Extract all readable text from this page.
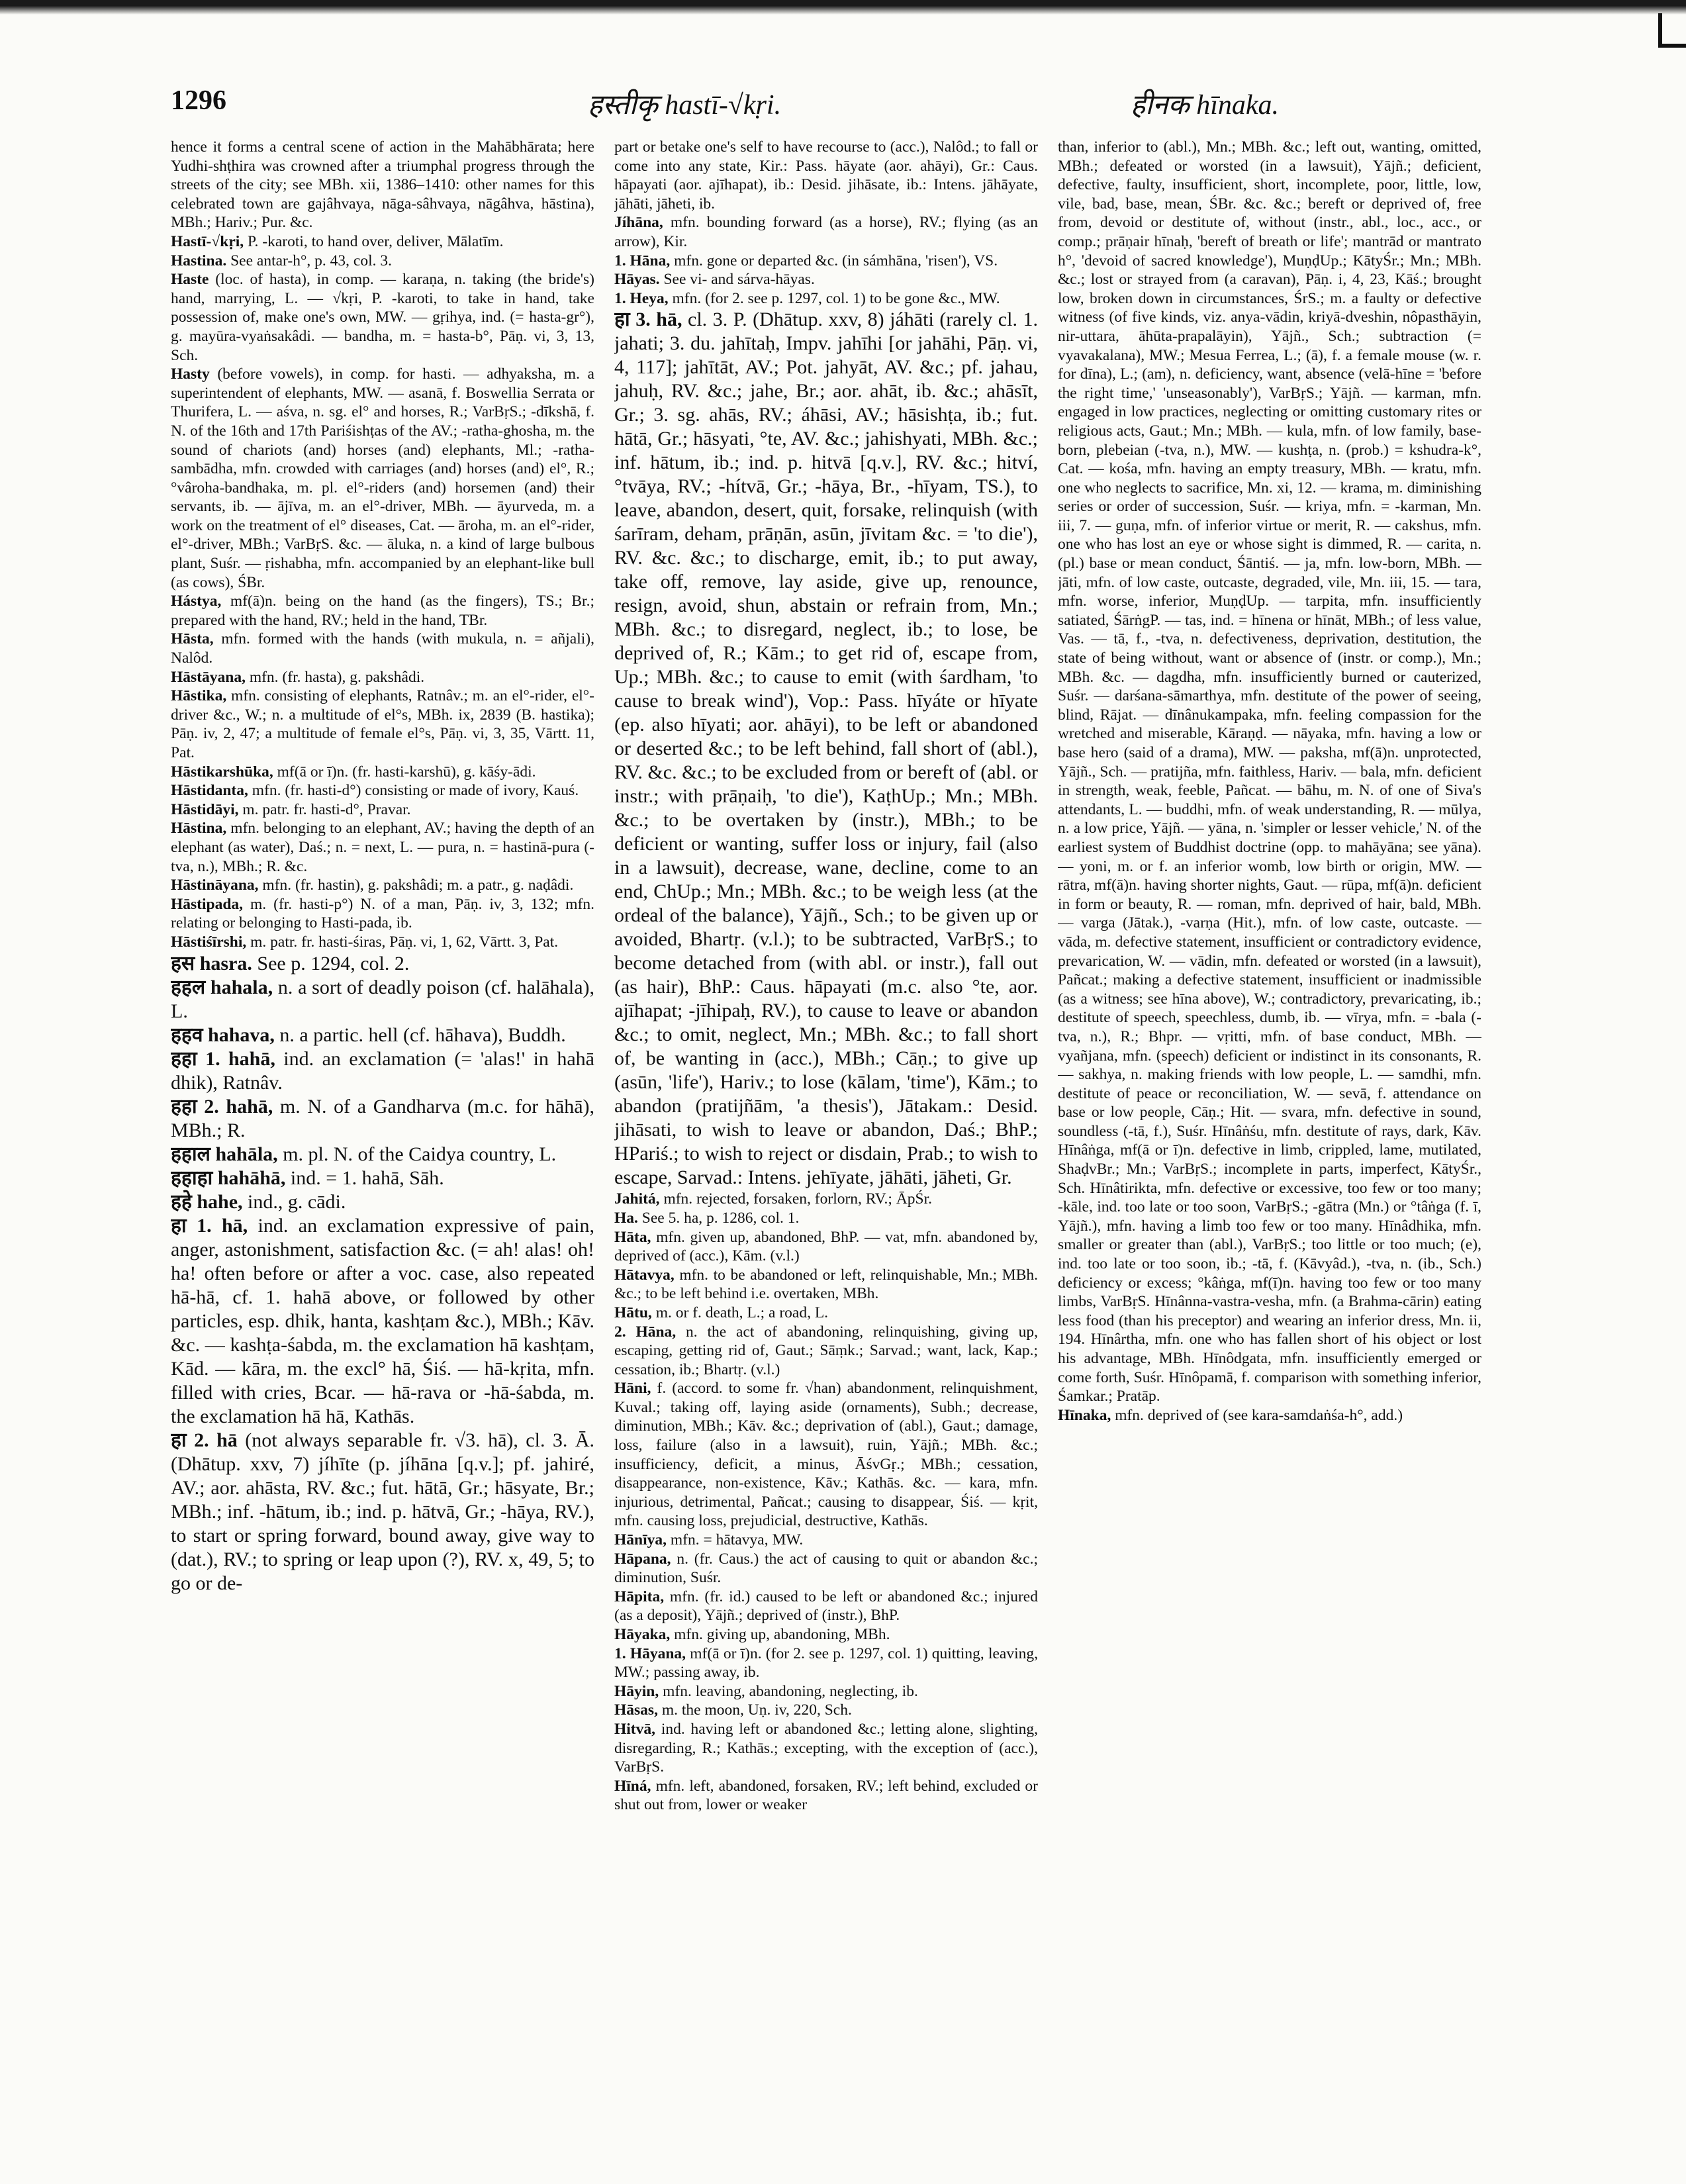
1296	हस्तीकृ hastī-√kṛi.	हीनक hīnaka.
hence it forms a central scene of action in the Mahābhārata; here Yudhi-shṭhira was crowned after a triumphal progress through the streets of the city; see MBh. xii, 1386–1410: other names for this celebrated town are gajâhvaya, nāga-sâhvaya, nāgâhva, hāstina), MBh.; Hariv.; Pur. &c.
Hastī-√kṛi, P. -karoti, to hand over, deliver, Mālatīm.
Hastina. See antar-h°, p. 43, col. 3.
Haste (loc. of hasta), in comp. — karaṇa, n. taking (the bride's) hand, marrying, L. — √kṛi, P. -karoti, to take in hand, take possession of, make one's own, MW. — gṛihya, ind. (= hasta-gr°), g. mayūra-vyaṅsakâdi. — bandha, m. = hasta-b°, Pāṇ. vi, 3, 13, Sch.
Hasty (before vowels), in comp. for hasti. — adhyaksha, m. a superintendent of elephants, MW. — asanā, f. Boswellia Serrata or Thurifera, L. — aśva, n. sg. el° and horses, R.; VarBṛS.; -dīkshā, f. N. of the 16th and 17th Pariśishṭas of the AV.; -ratha-ghosha, m. the sound of chariots (and) horses (and) elephants, Ml.; -ratha-sambādha, mfn. crowded with carriages (and) horses (and) el°, R.; °vâroha-bandhaka, m. pl. el°-riders (and) horsemen (and) their servants, ib. — ājīva, m. an el°-driver, MBh. — āyurveda, m. a work on the treatment of el° diseases, Cat. — āroha, m. an el°-rider, el°-driver, MBh.; VarBṛS. &c. — āluka, n. a kind of large bulbous plant, Suśr. — ṛishabha, mfn. accompanied by an elephant-like bull (as cows), ŚBr.
Hástya, mf(ā)n. being on the hand (as the fingers), TS.; Br.; prepared with the hand, RV.; held in the hand, TBr.
Hāsta, mfn. formed with the hands (with mukula, n. = añjali), Nalôd.
Hāstāyana, mfn. (fr. hasta), g. pakshâdi.
Hāstika, mfn. consisting of elephants, Ratnâv.; m. an el°-rider, el°-driver &c., W.; n. a multitude of el°s, MBh. ix, 2839 (B. hastika); Pāṇ. iv, 2, 47; a multitude of female el°s, Pāṇ. vi, 3, 35, Vārtt. 11, Pat.
Hāstikarshūka, mf(ā or ī)n. (fr. hasti-karshū), g. kāśy-ādi.
Hāstidanta, mfn. (fr. hasti-d°) consisting or made of ivory, Kauś.
Hāstidāyi, m. patr. fr. hasti-d°, Pravar.
Hāstina, mfn. belonging to an elephant, AV.; having the depth of an elephant (as water), Daś.; n. = next, L. — pura, n. = hastinā-pura (-tva, n.), MBh.; R. &c.
Hāstināyana, mfn. (fr. hastin), g. pakshâdi; m. a patr., g. naḍâdi.
Hāstipada, m. (fr. hasti-p°) N. of a man, Pāṇ. iv, 3, 132; mfn. relating or belonging to Hasti-pada, ib.
Hāstiśīrshi, m. patr. fr. hasti-śiras, Pāṇ. vi, 1, 62, Vārtt. 3, Pat.
हस hasra. See p. 1294, col. 2.
हहल hahala, n. a sort of deadly poison (cf. halāhala), L.
हहव hahava, n. a partic. hell (cf. hāhava), Buddh.
हहा 1. hahā, ind. an exclamation (= 'alas!' in hahā dhik), Ratnâv.
हहा 2. hahā, m. N. of a Gandharva (m.c. for hāhā), MBh.; R.
हहाल hahāla, m. pl. N. of the Caidya country, L.
हहाहा hahāhā, ind. = 1. hahā, Sāh.
हहे hahe, ind., g. cādi.
हा 1. hā, ind. an exclamation expressive of pain, anger, astonishment, satisfaction &c. (= ah! alas! oh! ha! often before or after a voc. case, also repeated hā-hā, cf. 1. hahā above, or followed by other particles, esp. dhik, hanta, kashṭam &c.), MBh.; Kāv. &c. — kashṭa-śabda, m. the exclamation hā kashṭam, Kād. — kāra, m. the excl° hā, Śiś. — hā-kṛita, mfn. filled with cries, Bcar. — hā-rava or -hā-śabda, m. the exclamation hā hā, Kathās.
हा 2. hā (not always separable fr. √3. hā), cl. 3. Ā. (Dhātup. xxv, 7) jíhīte (p. jíhāna [q.v.]; pf. jahiré, AV.; aor. ahāsta, RV. &c.; fut. hātā, Gr.; hāsyate, Br.; MBh.; inf. -hātum, ib.; ind. p. hātvā, Gr.; -hāya, RV.), to start or spring forward, bound away, give way to (dat.), RV.; to spring or leap upon (?), RV. x, 49, 5; to go or de-
part or betake one's self to have recourse to (acc.), Nalôd.; to fall or come into any state, Kir.: Pass. hāyate (aor. ahāyi), Gr.: Caus. hāpayati (aor. ajīhapat), ib.: Desid. jihāsate, ib.: Intens. jāhāyate, jāhāti, jāheti, ib.
Jíhāna, mfn. bounding forward (as a horse), RV.; flying (as an arrow), Kir.
1. Hāna, mfn. gone or departed &c. (in sámhāna, 'risen'), VS.
Hāyas. See vi- and sárva-hāyas.
1. Heya, mfn. (for 2. see p. 1297, col. 1) to be gone &c., MW.
हा 3. hā, cl. 3. P. (Dhātup. xxv, 8) jáhāti (rarely cl. 1. jahati; 3. du. jahītaḥ, Impv. jahīhi [or jahāhi, Pāṇ. vi, 4, 117]; jahītāt, AV.; Pot. jahyāt, AV. &c.; pf. jahau, jahuḥ, RV. &c.; jahe, Br.; aor. ahāt, ib. &c.; ahāsīt, Gr.; 3. sg. ahās, RV.; áhāsi, AV.; hāsishṭa, ib.; fut. hātā, Gr.; hāsyati, °te, AV. &c.; jahishyati, MBh. &c.; inf. hātum, ib.; ind. p. hitvā [q.v.], RV. &c.; hitví, °tvāya, RV.; -hítvā, Gr.; -hāya, Br., -hīyam, TS.), to leave, abandon, desert, quit, forsake, relinquish (with śarīram, deham, prāṇān, asūn, jīvitam &c. = 'to die'), RV. &c. &c.; to discharge, emit, ib.; to put away, take off, remove, lay aside, give up, renounce, resign, avoid, shun, abstain or refrain from, Mn.; MBh. &c.; to disregard, neglect, ib.; to lose, be deprived of, R.; Kām.; to get rid of, escape from, Up.; MBh. &c.; to cause to emit (with śardham, 'to cause to break wind'), Vop.: Pass. hīyáte or hīyate (ep. also hīyati; aor. ahāyi), to be left or abandoned or deserted &c.; to be left behind, fall short of (abl.), RV. &c. &c.; to be excluded from or bereft of (abl. or instr.; with prāṇaiḥ, 'to die'), KaṭhUp.; Mn.; MBh. &c.; to be overtaken by (instr.), MBh.; to be deficient or wanting, suffer loss or injury, fail (also in a lawsuit), decrease, wane, decline, come to an end, ChUp.; Mn.; MBh. &c.; to be weigh less (at the ordeal of the balance), Yājñ., Sch.; to be given up or avoided, Bhartṛ. (v.l.); to be subtracted, VarBṛS.; to become detached from (with abl. or instr.), fall out (as hair), BhP.: Caus. hāpayati (m.c. also °te, aor. ajīhapat; -jīhipaḥ, RV.), to cause to leave or abandon &c.; to omit, neglect, Mn.; MBh. &c.; to fall short of, be wanting in (acc.), MBh.; Cāṇ.; to give up (asūn, 'life'), Hariv.; to lose (kālam, 'time'), Kām.; to abandon (pratijñām, 'a thesis'), Jātakam.: Desid. jihāsati, to wish to leave or abandon, Daś.; BhP.; HPariś.; to wish to reject or disdain, Prab.; to wish to escape, Sarvad.: Intens. jehīyate, jāhāti, jāheti, Gr.
Jahitá, mfn. rejected, forsaken, forlorn, RV.; ĀpŚr.
Ha. See 5. ha, p. 1286, col. 1.
Hāta, mfn. given up, abandoned, BhP. — vat, mfn. abandoned by, deprived of (acc.), Kām. (v.l.)
Hātavya, mfn. to be abandoned or left, relinquishable, Mn.; MBh. &c.; to be left behind i.e. overtaken, MBh.
Hātu, m. or f. death, L.; a road, L.
2. Hāna, n. the act of abandoning, relinquishing, giving up, escaping, getting rid of, Gaut.; Sāṃk.; Sarvad.; want, lack, Kap.; cessation, ib.; Bhartṛ. (v.l.)
Hāni, f. (accord. to some fr. √han) abandonment, relinquishment, Kuval.; taking off, laying aside (ornaments), Subh.; decrease, diminution, MBh.; Kāv. &c.; deprivation of (abl.), Gaut.; damage, loss, failure (also in a lawsuit), ruin, Yājñ.; MBh. &c.; insufficiency, deficit, a minus, ĀśvGṛ.; MBh.; cessation, disappearance, non-existence, Kāv.; Kathās. &c. — kara, mfn. injurious, detrimental, Pañcat.; causing to disappear, Śiś. — kṛit, mfn. causing loss, prejudicial, destructive, Kathās.
Hānīya, mfn. = hātavya, MW.
Hāpana, n. (fr. Caus.) the act of causing to quit or abandon &c.; diminution, Suśr.
Hāpita, mfn. (fr. id.) caused to be left or abandoned &c.; injured (as a deposit), Yājñ.; deprived of (instr.), BhP.
Hāyaka, mfn. giving up, abandoning, MBh.
1. Hāyana, mf(ā or ī)n. (for 2. see p. 1297, col. 1) quitting, leaving, MW.; passing away, ib.
Hāyin, mfn. leaving, abandoning, neglecting, ib.
Hāsas, m. the moon, Uṇ. iv, 220, Sch.
Hitvā, ind. having left or abandoned &c.; letting alone, slighting, disregarding, R.; Kathās.; excepting, with the exception of (acc.), VarBṛS.
Hīná, mfn. left, abandoned, forsaken, RV.; left behind, excluded or shut out from, lower or weaker
than, inferior to (abl.), Mn.; MBh. &c.; left out, wanting, omitted, MBh.; defeated or worsted (in a lawsuit), Yājñ.; deficient, defective, faulty, insufficient, short, incomplete, poor, little, low, vile, bad, base, mean, ŚBr. &c. &c.; bereft or deprived of, free from, devoid or destitute of, without (instr., abl., loc., acc., or comp.; prāṇair hīnaḥ, 'bereft of breath or life'; mantrād or mantrato h°, 'devoid of sacred knowledge'), MuṇḍUp.; KātyŚr.; Mn.; MBh. &c.; lost or strayed from (a caravan), Pāṇ. i, 4, 23, Kāś.; brought low, broken down in circumstances, ŚrS.; m. a faulty or defective witness (of five kinds, viz. anya-vādin, kriyā-dveshin, nôpasthāyin, nir-uttara, āhūta-prapalāyin), Yājñ., Sch.; subtraction (= vyavakalana), MW.; Mesua Ferrea, L.; (ā), f. a female mouse (w. r. for dīna), L.; (am), n. deficiency, want, absence (velā-hīne = 'before the right time,' 'unseasonably'), VarBṛS.; Yājñ. — karman, mfn. engaged in low practices, neglecting or omitting customary rites or religious acts, Gaut.; Mn.; MBh. — kula, mfn. of low family, base-born, plebeian (-tva, n.), MW. — kushṭa, n. (prob.) = kshudra-k°, Cat. — kośa, mfn. having an empty treasury, MBh. — kratu, mfn. one who neglects to sacrifice, Mn. xi, 12. — krama, m. diminishing series or order of succession, Suśr. — kriya, mfn. = -karman, Mn. iii, 7. — guṇa, mfn. of inferior virtue or merit, R. — cakshus, mfn. one who has lost an eye or whose sight is dimmed, R. — carita, n. (pl.) base or mean conduct, Śāntiś. — ja, mfn. low-born, MBh. — jāti, mfn. of low caste, outcaste, degraded, vile, Mn. iii, 15. — tara, mfn. worse, inferior, MuṇḍUp. — tarpita, mfn. insufficiently satiated, ŚārṅgP. — tas, ind. = hīnena or hīnāt, MBh.; of less value, Vas. — tā, f., -tva, n. defectiveness, deprivation, destitution, the state of being without, want or absence of (instr. or comp.), Mn.; MBh. &c. — dagdha, mfn. insufficiently burned or cauterized, Suśr. — darśana-sāmarthya, mfn. destitute of the power of seeing, blind, Rājat. — dīnânukampaka, mfn. feeling compassion for the wretched and miserable, Kāraṇḍ. — nāyaka, mfn. having a low or base hero (said of a drama), MW. — paksha, mf(ā)n. unprotected, Yājñ., Sch. — pratijña, mfn. faithless, Hariv. — bala, mfn. deficient in strength, weak, feeble, Pañcat. — bāhu, m. N. of one of Siva's attendants, L. — buddhi, mfn. of weak understanding, R. — mūlya, n. a low price, Yājñ. — yāna, n. 'simpler or lesser vehicle,' N. of the earliest system of Buddhist doctrine (opp. to mahāyāna; see yāna). — yoni, m. or f. an inferior womb, low birth or origin, MW. — rātra, mf(ā)n. having shorter nights, Gaut. — rūpa, mf(ā)n. deficient in form or beauty, R. — roman, mfn. deprived of hair, bald, MBh. — varga (Jātak.), -varṇa (Hit.), mfn. of low caste, outcaste. — vāda, m. defective statement, insufficient or contradictory evidence, prevarication, W. — vādin, mfn. defeated or worsted (in a lawsuit), Pañcat.; making a defective statement, insufficient or inadmissible (as a witness; see hīna above), W.; contradictory, prevaricating, ib.; destitute of speech, speechless, dumb, ib. — vīrya, mfn. = -bala (-tva, n.), R.; Bhpr. — vṛitti, mfn. of base conduct, MBh. — vyañjana, mfn. (speech) deficient or indistinct in its consonants, R. — sakhya, n. making friends with low people, L. — samdhi, mfn. destitute of peace or reconciliation, W. — sevā, f. attendance on base or low people, Cāṇ.; Hit. — svara, mfn. defective in sound, soundless (-tā, f.), Suśr. Hīnâṅśu, mfn. destitute of rays, dark, Kāv. Hīnâṅga, mf(ā or ī)n. defective in limb, crippled, lame, mutilated, ShaḍvBr.; Mn.; VarBṛS.; incomplete in parts, imperfect, KātyŚr., Sch. Hīnâtirikta, mfn. defective or excessive, too few or too many; -kāle, ind. too late or too soon, VarBṛS.; -gātra (Mn.) or °tâṅga (f. ī, Yājñ.), mfn. having a limb too few or too many. Hīnâdhika, mfn. smaller or greater than (abl.), VarBṛS.; too little or too much; (e), ind. too late or too soon, ib.; -tā, f. (Kāvyâd.), -tva, n. (ib., Sch.) deficiency or excess; °kâṅga, mf(ī)n. having too few or too many limbs, VarBṛS. Hīnânna-vastra-vesha, mfn. (a Brahma-cārin) eating less food (than his preceptor) and wearing an inferior dress, Mn. ii, 194. Hīnârtha, mfn. one who has fallen short of his object or lost his advantage, MBh. Hīnôdgata, mfn. insufficiently emerged or come forth, Suśr. Hīnôpamā, f. comparison with something inferior, Śamkar.; Pratāp.
Hīnaka, mfn. deprived of (see kara-samdaṅśa-h°, add.)
